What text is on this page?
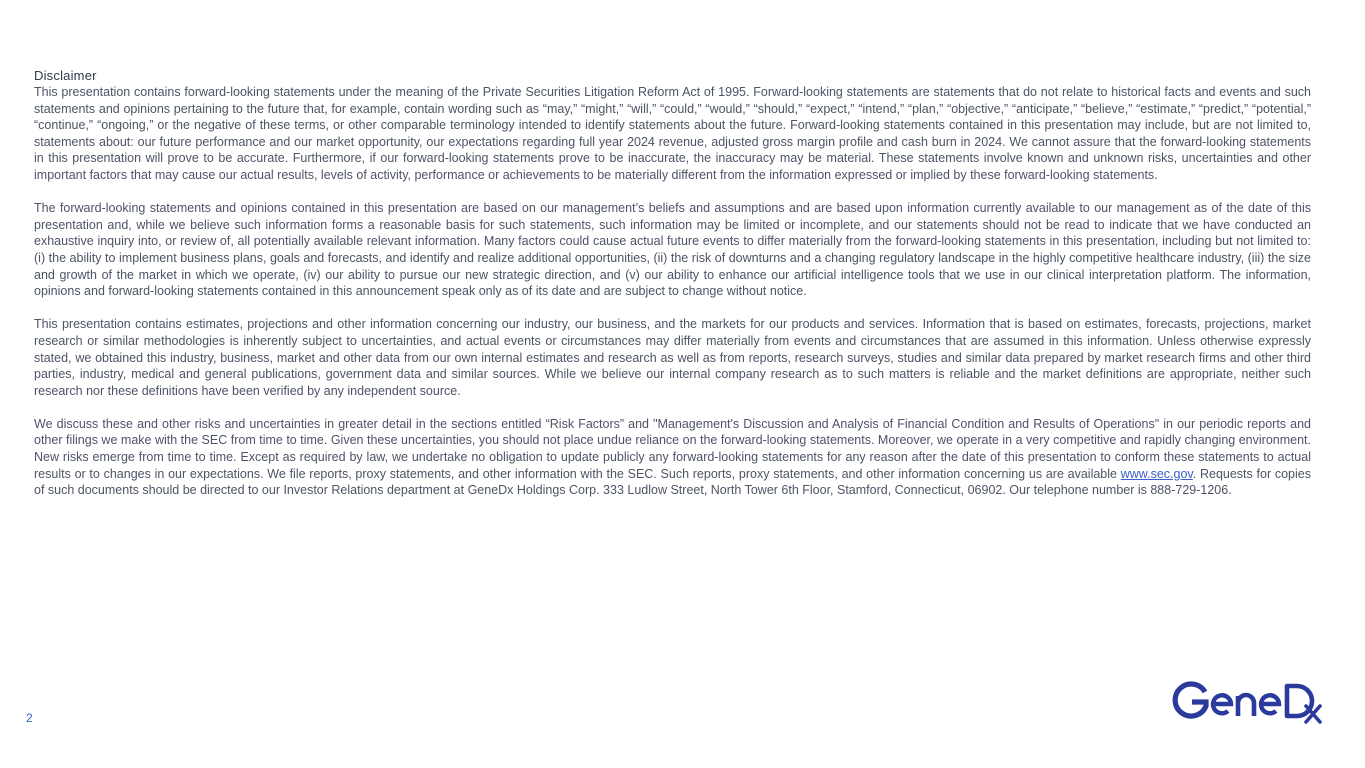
Disclaimer

This presentation contains forward-looking statements under the meaning of the Private Securities Litigation Reform Act of 1995. Forward-looking statements are statements that do not relate to historical facts and events and such statements and opinions pertaining to the future that, for example, contain wording such as “may,” “might,” “will,” “could,” “would,” “should,” “expect,” “intend,” “plan,” “objective,” “anticipate,” “believe,” “estimate,” “predict,” “potential,” “continue,” “ongoing,” or the negative of these terms, or other comparable terminology intended to identify statements about the future. Forward-looking statements contained in this presentation may include, but are not limited to, statements about: our future performance and our market opportunity, our expectations regarding full year 2024 revenue, adjusted gross margin profile and cash burn in 2024. We cannot assure that the forward-looking statements in this presentation will prove to be accurate. Furthermore, if our forward-looking statements prove to be inaccurate, the inaccuracy may be material. These statements involve known and unknown risks, uncertainties and other important factors that may cause our actual results, levels of activity, performance or achievements to be materially different from the information expressed or implied by these forward-looking statements.

The forward-looking statements and opinions contained in this presentation are based on our management’s beliefs and assumptions and are based upon information currently available to our management as of the date of this presentation and, while we believe such information forms a reasonable basis for such statements, such information may be limited or incomplete, and our statements should not be read to indicate that we have conducted an exhaustive inquiry into, or review of, all potentially available relevant information. Many factors could cause actual future events to differ materially from the forward-looking statements in this presentation, including but not limited to: (i) the ability to implement business plans, goals and forecasts, and identify and realize additional opportunities, (ii) the risk of downturns and a changing regulatory landscape in the highly competitive healthcare industry, (iii) the size and growth of the market in which we operate, (iv) our ability to pursue our new strategic direction, and (v) our ability to enhance our artificial intelligence tools that we use in our clinical interpretation platform. The information, opinions and forward-looking statements contained in this announcement speak only as of its date and are subject to change without notice.

This presentation contains estimates, projections and other information concerning our industry, our business, and the markets for our products and services. Information that is based on estimates, forecasts, projections, market research or similar methodologies is inherently subject to uncertainties, and actual events or circumstances may differ materially from events and circumstances that are assumed in this information. Unless otherwise expressly stated, we obtained this industry, business, market and other data from our own internal estimates and research as well as from reports, research surveys, studies and similar data prepared by market research firms and other third parties, industry, medical and general publications, government data and similar sources. While we believe our internal company research as to such matters is reliable and the market definitions are appropriate, neither such research nor these definitions have been verified by any independent source.

We discuss these and other risks and uncertainties in greater detail in the sections entitled “Risk Factors” and "Management's Discussion and Analysis of Financial Condition and Results of Operations" in our periodic reports and other filings we make with the SEC from time to time. Given these uncertainties, you should not place undue reliance on the forward-looking statements. Moreover, we operate in a very competitive and rapidly changing environment. New risks emerge from time to time. Except as required by law, we undertake no obligation to update publicly any forward-looking statements for any reason after the date of this presentation to conform these statements to actual results or to changes in our expectations. We file reports, proxy statements, and other information with the SEC. Such reports, proxy statements, and other information concerning us are available www.sec.gov. Requests for copies of such documents should be directed to our Investor Relations department at GeneDx Holdings Corp. 333 Ludlow Street, North Tower 6th Floor, Stamford, Connecticut, 06902. Our telephone number is 888-729-1206.

2
